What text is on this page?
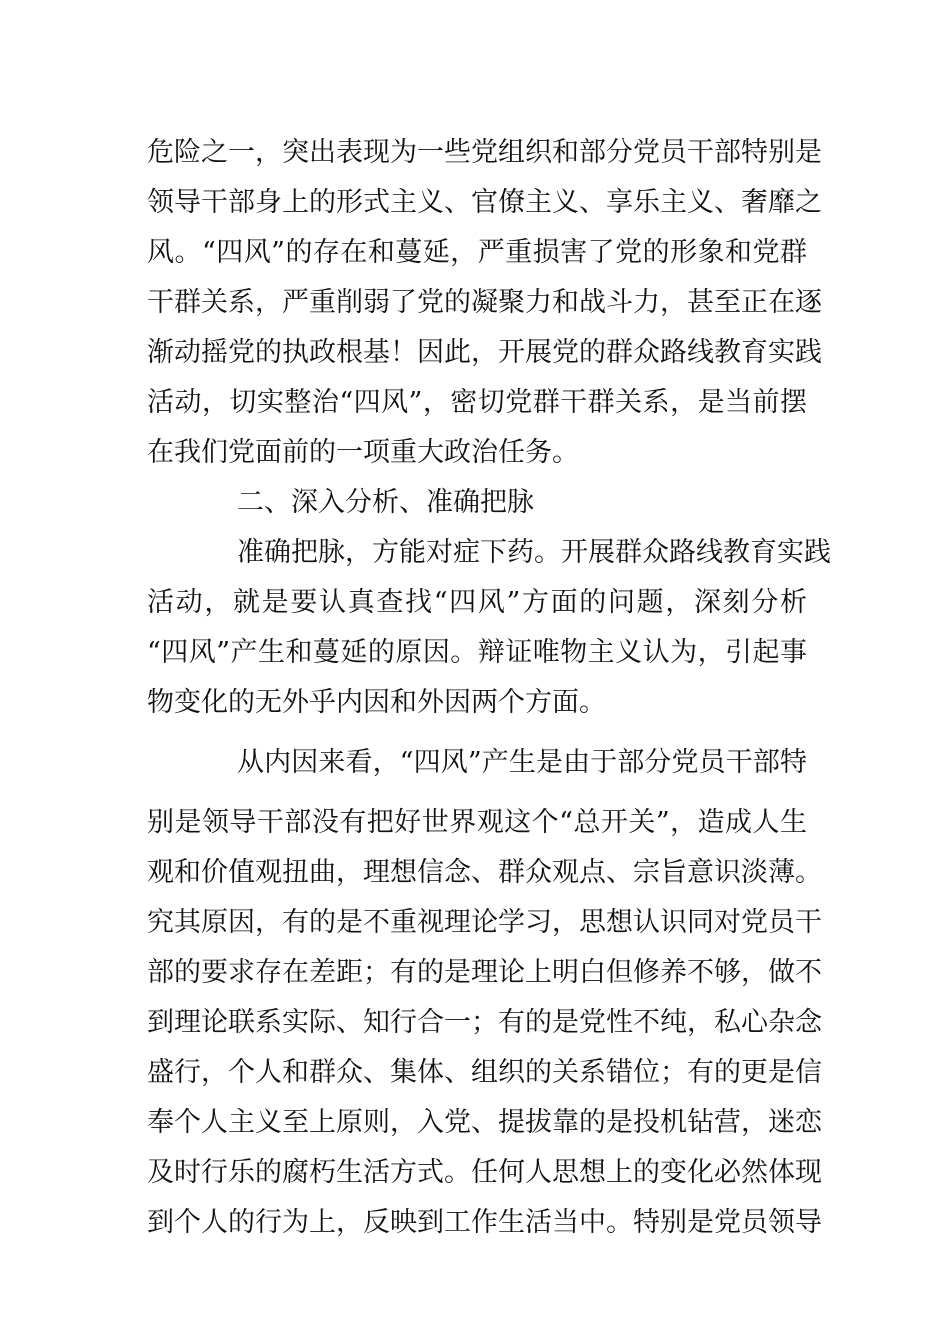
危险之一，突出表现为一些党组织和部分党员干部特别是
领导干部身上的形式主义、官僚主义、享乐主义、奢靡之
风。“四风”的存在和蔓延，严重损害了党的形象和党群
干群关系，严重削弱了党的凝聚力和战斗力，甚至正在逐
渐动摇党的执政根基！因此，开展党的群众路线教育实践
活动，切实整治“四风”，密切党群干群关系，是当前摆
在我们党面前的一项重大政治任务。
二、深入分析、准确把脉
准确把脉，方能对症下药。开展群众路线教育实践
活动，就是要认真查找“四风”方面的问题，深刻分析
“四风”产生和蔓延的原因。辩证唯物主义认为，引起事
物变化的无外乎内因和外因两个方面。
从内因来看，“四风”产生是由于部分党员干部特
别是领导干部没有把好世界观这个“总开关”，造成人生
观和价值观扭曲，理想信念、群众观点、宗旨意识淡薄。
究其原因，有的是不重视理论学习，思想认识同对党员干
部的要求存在差距；有的是理论上明白但修养不够，做不
到理论联系实际、知行合一；有的是党性不纯，私心杂念
盛行，个人和群众、集体、组织的关系错位；有的更是信
奉个人主义至上原则，入党、提拔靠的是投机钻营，迷恋
及时行乐的腐朽生活方式。任何人思想上的变化必然体现
到个人的行为上，反映到工作生活当中。特别是党员领导
